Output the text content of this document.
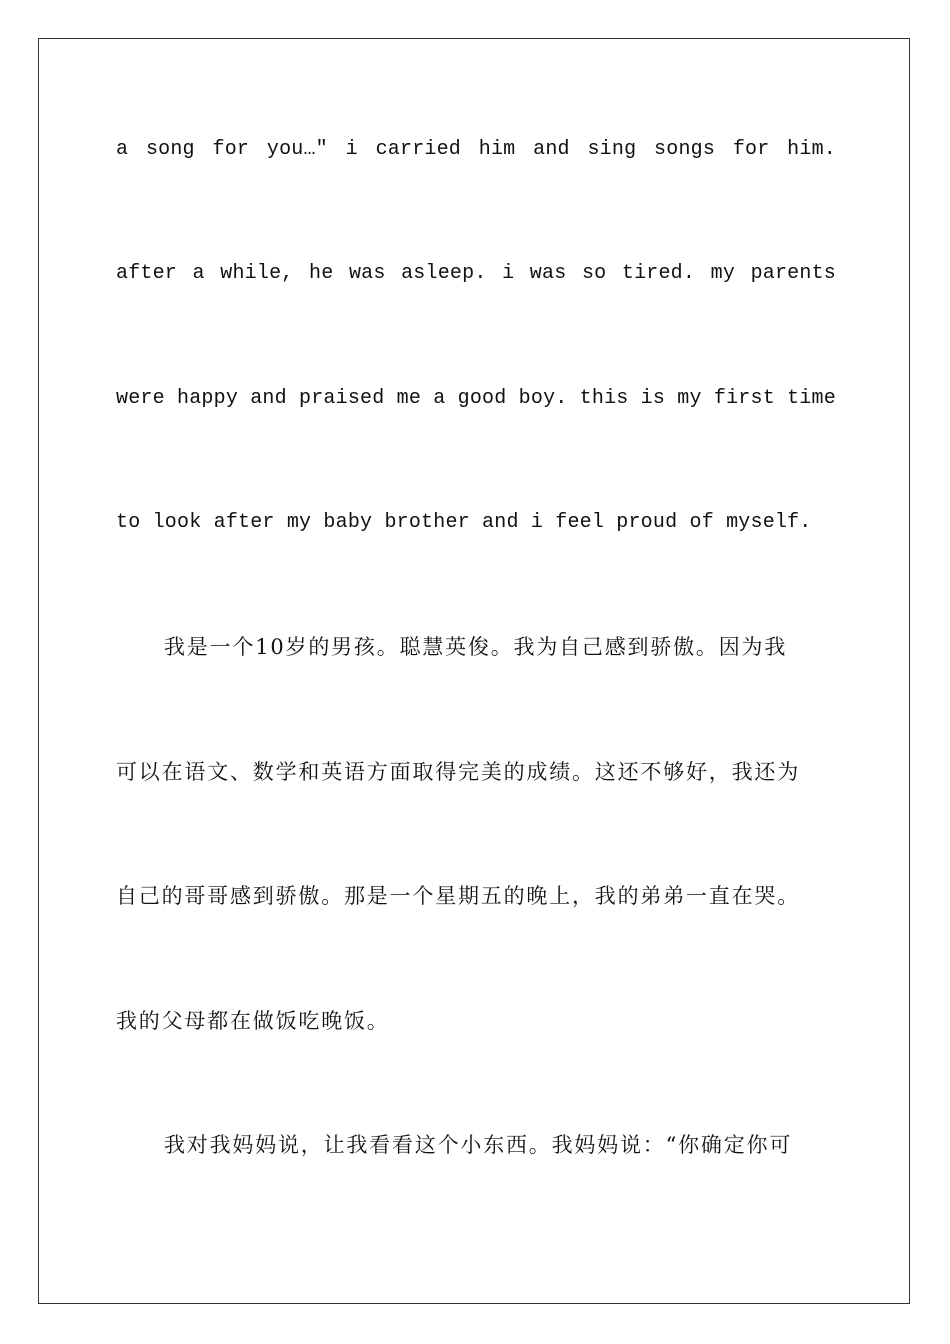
a song for you…″ i carried him and sing songs for him.
after a while, he was asleep. i was so tired. my parents
were happy and praised me a good boy. this is my first time
to look after my baby brother and i feel proud of myself.
我是一个10岁的男孩。聪慧英俊。我为自己感到骄傲。因为我
可以在语文、数学和英语方面取得完美的成绩。这还不够好，我还为
自己的哥哥感到骄傲。那是一个星期五的晚上，我的弟弟一直在哭。
我的父母都在做饭吃晚饭。
我对我妈妈说，让我看看这个小东西。我妈妈说：“你确定你可
